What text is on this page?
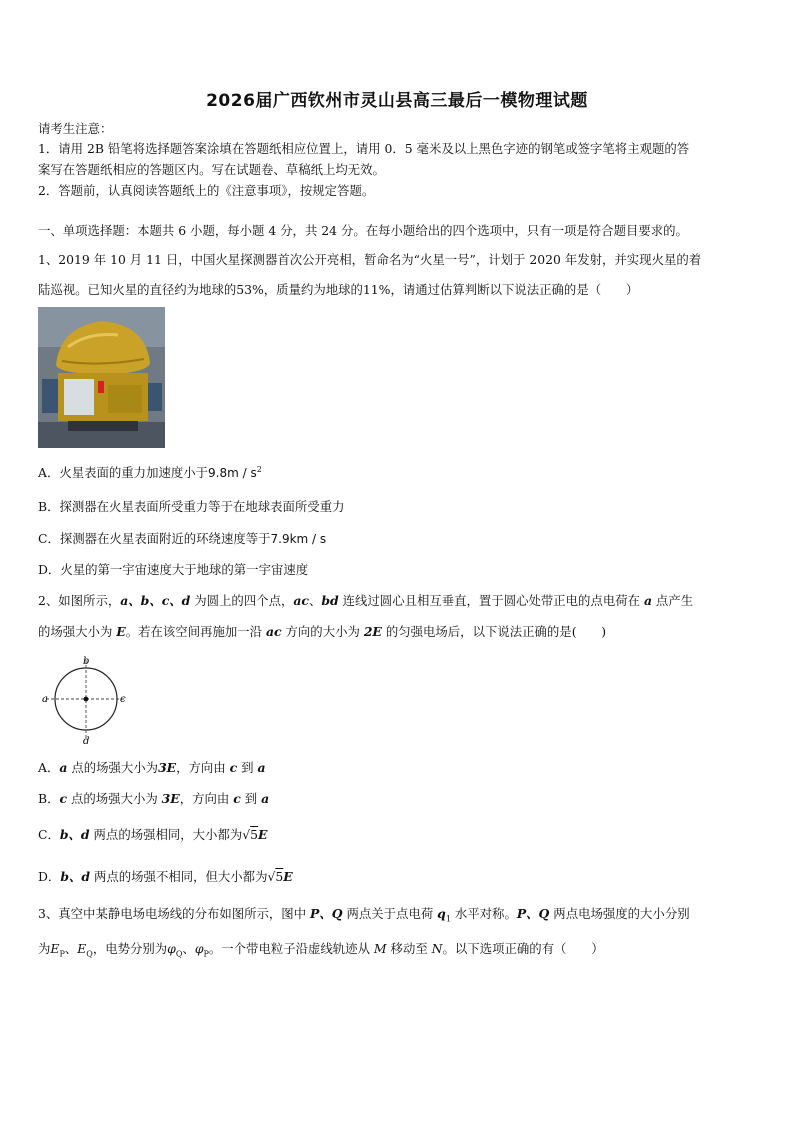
2026届广西钦州市灵山县高三最后一模物理试题
请考生注意：
1．请用 2B 铅笔将选择题答案涂填在答题纸相应位置上，请用 0．5 毫米及以上黑色字迹的钢笔或签字笔将主观题的答
案写在答题纸相应的答题区内。写在试题卷、草稿纸上均无效。
2．答题前，认真阅读答题纸上的《注意事项》，按规定答题。
一、单项选择题：本题共 6 小题，每小题 4 分，共 24 分。在每小题给出的四个选项中，只有一项是符合题目要求的。
1、2019 年 10 月 11 日，中国火星探测器首次公开亮相，暂命名为“火星一号”，计划于 2020 年发射，并实现火星的着
陆巡视。已知火星的直径约为地球的53%，质量约为地球的11%，请通过估算判断以下说法正确的是（　　）
A．火星表面的重力加速度小于$9.8m / s^2$
B．探测器在火星表面所受重力等于在地球表面所受重力
C．探测器在火星表面附近的环绕速度等于7.9km / s
D．火星的第一宇宙速度大于地球的第一宇宙速度
2、如图所示，a、b、c、d 为圆上的四个点，ac、bd 连线过圆心且相互垂直，置于圆心处带正电的点电荷在 a 点产生
的场强大小为 E。若在该空间再施加一沿 ac 方向的大小为 2E 的匀强电场后，以下说法正确的是(　　)
b
a	c
d
A．a 点的场强大小为3E，方向由 c 到 a
B．c 点的场强大小为 3E，方向由 c 到 a
C．b、d 两点的场强相同，大小都为√5E
D．b、d 两点的场强不相同，但大小都为√5E
3、真空中某静电场电场线的分布如图所示，图中 P、Q 两点关于点电荷 $q_1$ 水平对称。P、Q 两点电场强度的大小分别
为$E_P$、$E_Q$，电势分别为$\varphi_Q$、$\varphi_P$。一个带电粒子沿虚线轨迹从 M 移动至 N。以下选项正确的有（　　）
